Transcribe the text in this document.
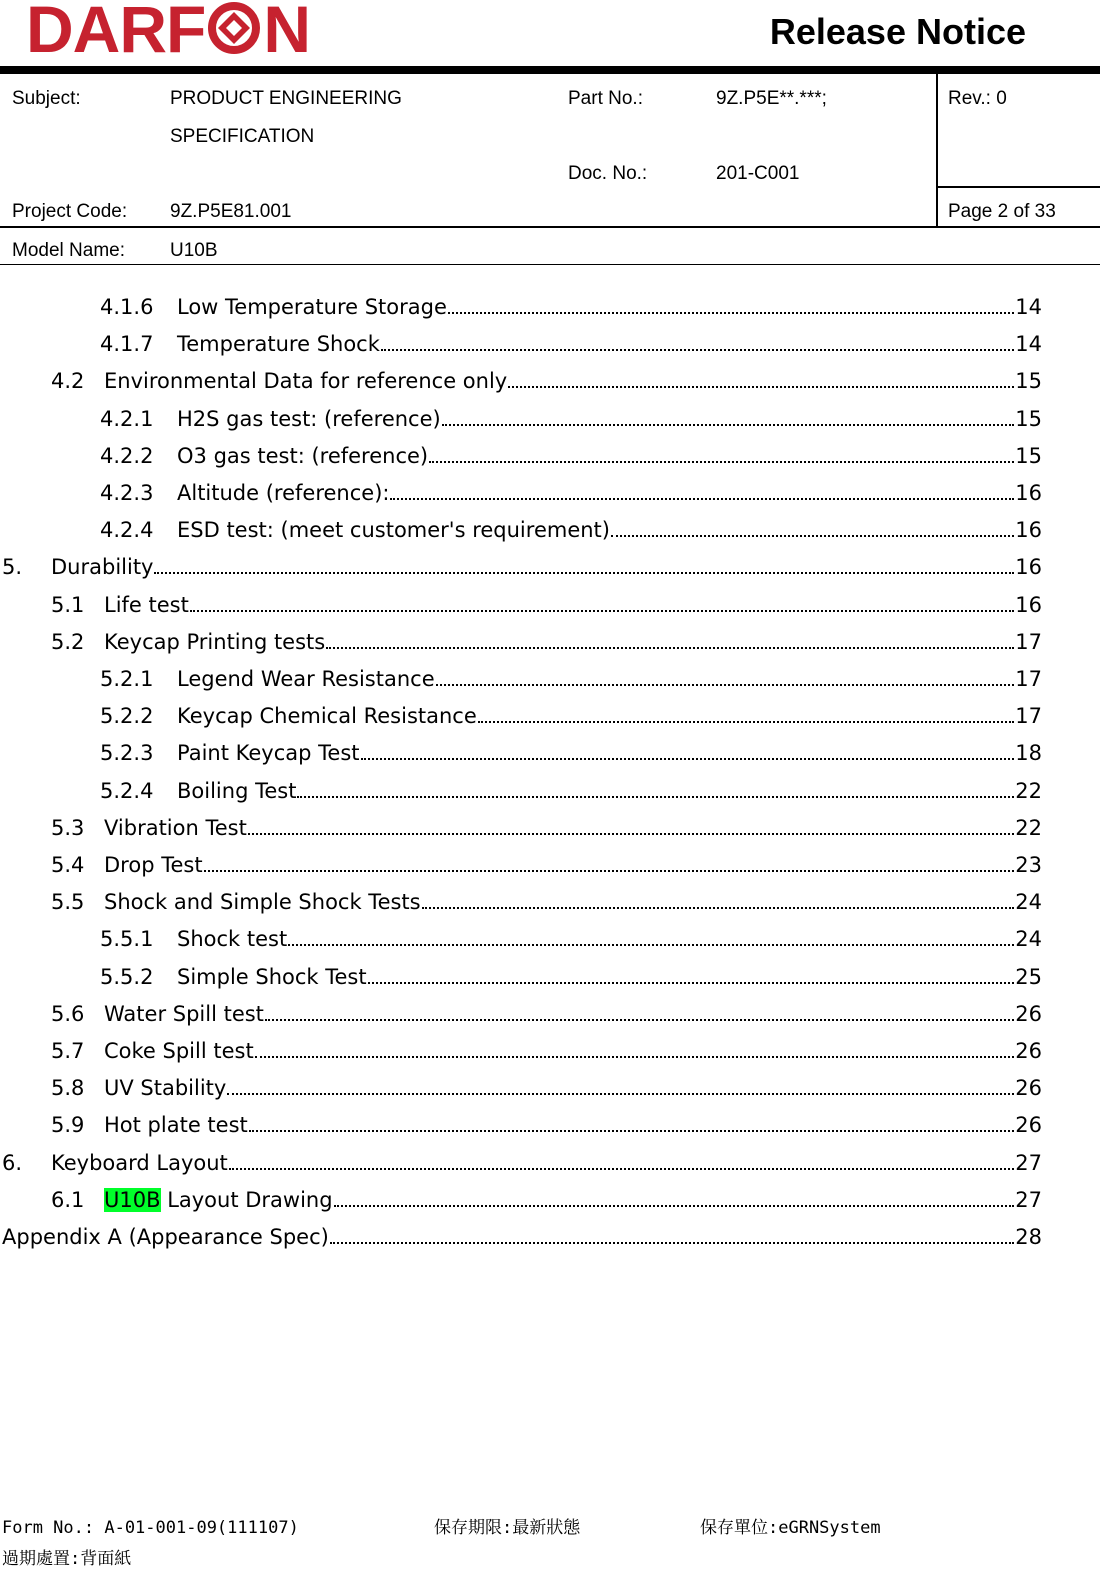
DARF N	Release Notice
Subject:	PRODUCT ENGINEERING
SPECIFICATION
Part No.:	9Z.P5E**.***;
Doc. No.:	201-C001
Rev.: 0
Project Code: 9Z.P5E81.001	Page 2 of 33
Model Name: U10B
4.1.6	Low Temperature Storage	14
4.1.7	Temperature Shock	14
4.2 Environmental Data for reference only	15
4.2.1	H2S gas test: (reference)	15
4.2.2	O3 gas test: (reference)	15
4.2.3	Altitude (reference):	16
4.2.4	ESD test: (meet customer's requirement)	16
5.	Durability	16
5.1 Life test	16
5.2 Keycap Printing tests	17
5.2.1	Legend Wear Resistance	17
5.2.2	Keycap Chemical Resistance	17
5.2.3	Paint Keycap Test	18
5.2.4	Boiling Test	22
5.3 Vibration Test	22
5.4 Drop Test	23
5.5 Shock and Simple Shock Tests	24
5.5.1	Shock test	24
5.5.2	Simple Shock Test	25
5.6 Water Spill test	26
5.7 Coke Spill test	26
5.8 UV Stability	26
5.9 Hot plate test	26
6.	Keyboard Layout	27
6.1 U10B Layout Drawing	27
Appendix A (Appearance Spec)	28
Form No.: A-01-001-09(111107)	保存期限:最新狀態	保存單位:eGRNSystem
過期處置:背面紙
